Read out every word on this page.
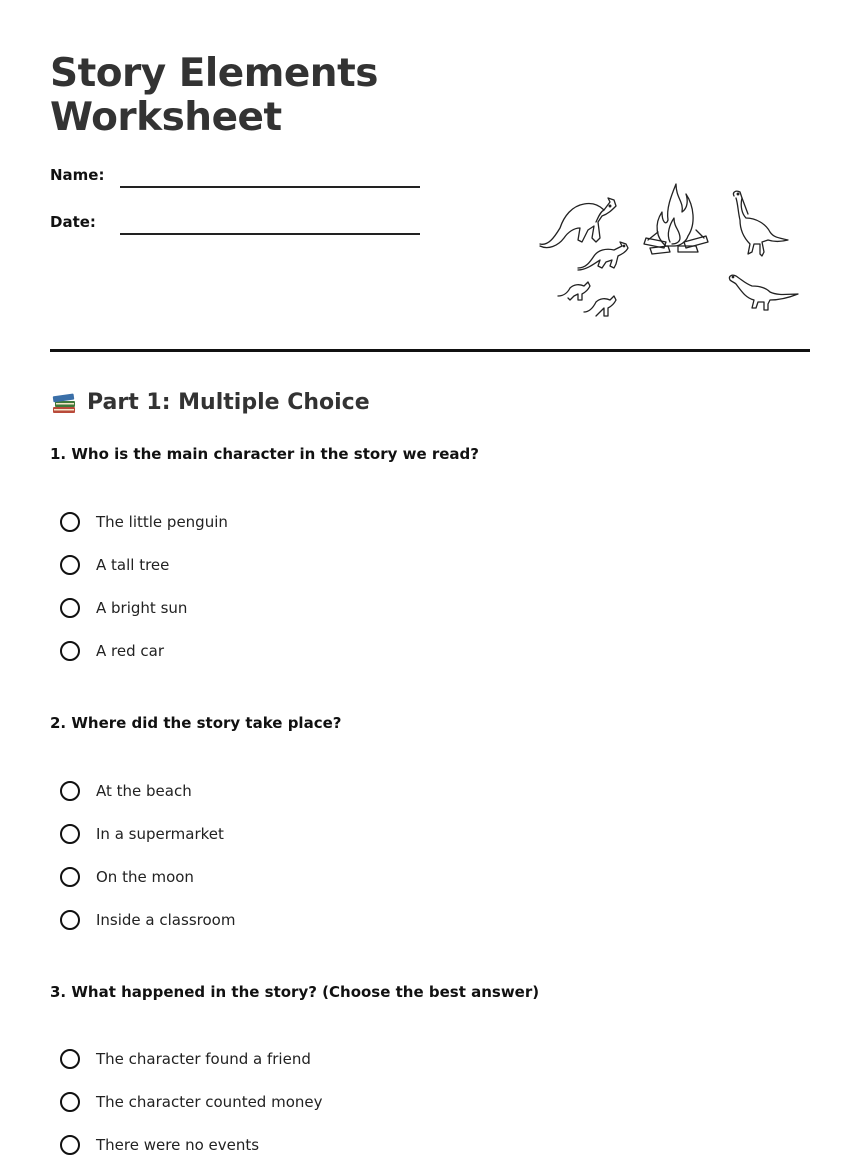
Story Elements Worksheet
Name:
Date:
Part 1: Multiple Choice

1. Who is the main character in the story we read?

The little penguin
A tall tree
A bright sun
A red car

2. Where did the story take place?

At the beach
In a supermarket
On the moon
Inside a classroom

3. What happened in the story? (Choose the best answer)

The character found a friend
The character counted money
There were no events
